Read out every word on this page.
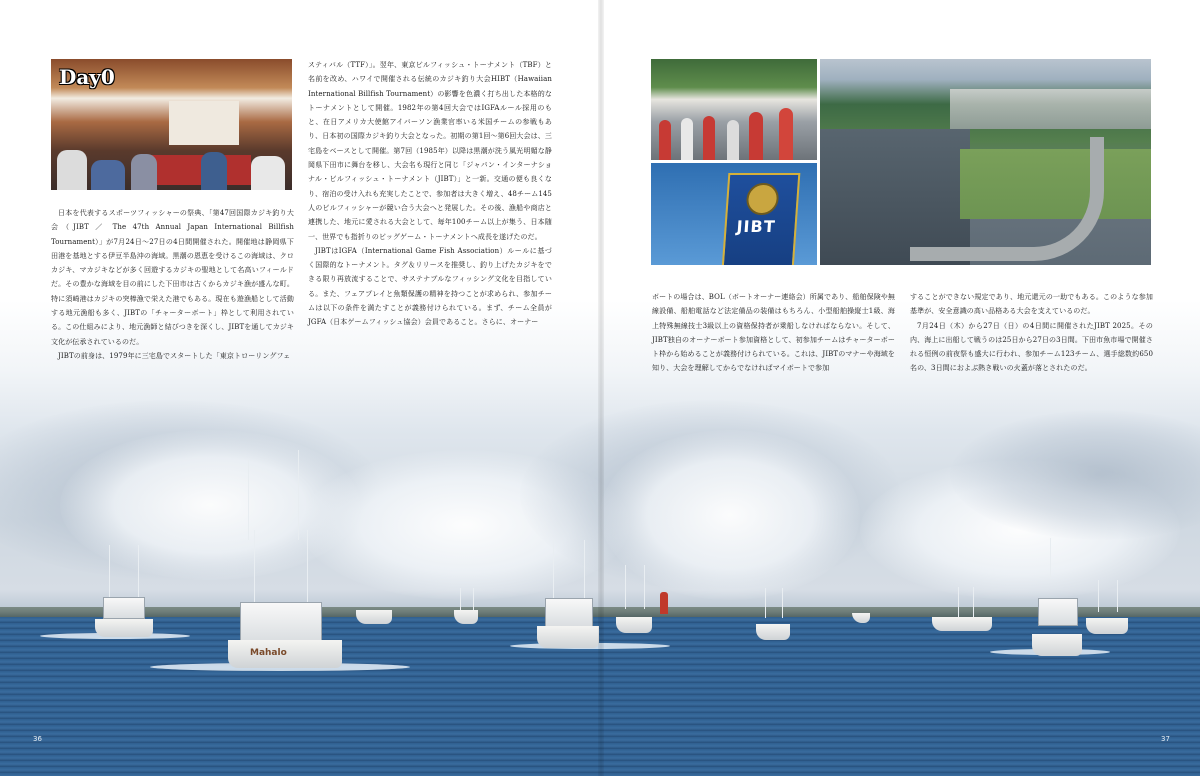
Mahalo
Day0
JIBT

日本を代表するスポーツフィッシャーの祭典、「第47回国際カジキ釣り大会（JIBT ／ The 47th Annual Japan International Billfish Tournament）」が7月24日～27日の4日間開催された。開催地は静岡県下田港を基地とする伊豆半島沖の海域。黒潮の恩恵を受けるこの海域は、クロカジキ、マカジキなどが多く回遊するカジキの聖地として名高いフィールドだ。その豊かな海域を目の前にした下田市は古くからカジキ漁が盛んな町。特に須崎港はカジキの突棒漁で栄えた港でもある。現在も遊漁船として活動する地元漁船も多く、JIBTの「チャーターボート」枠として利用されている。この仕組みにより、地元漁師と結びつきを深くし、JIBTを通してカジキ文化が伝承されているのだ。

JIBTの前身は、1979年に三宅島でスタートした「東京トローリングフェ

スティバル（TTF）」。翌年、東京ビルフィッシュ・トーナメント（TBF）と名前を改め、ハワイで開催される伝統のカジキ釣り大会HIBT（Hawaiian International Billfish Tournament）の影響を色濃く打ち出した本格的なトーナメントとして開催。1982年の第4回大会ではIGFAルール採用のもと、在日アメリカ大使館アイバーソン漁業官率いる米国チームの参戦もあり、日本初の国際カジキ釣り大会となった。初期の第1回～第6回大会は、三宅島をベースとして開催。第7回（1985年）以降は黒潮が洗う風光明媚な静岡県下田市に舞台を移し、大会名も現行と同じ「ジャパン・インターナショナル・ビルフィッシュ・トーナメント（JIBT）」と一新。交通の便も良くなり、宿泊の受け入れも充実したことで、参加者は大きく増え、48チーム145人のビルフィッシャーが競い合う大会へと発展した。その後、漁船や商店と連携した、地元に愛される大会として、毎年100チーム以上が集う、日本随一、世界でも指折りのビッグゲーム・トーナメントへ成長を遂げたのだ。

JIBTはIGFA（International Game Fish Association）ルールに基づく国際的なトーナメント。タグ＆リリースを推奨し、釣り上げたカジキをできる限り再放流することで、サステナブルなフィッシング文化を目指している。また、フェアプレイと魚類保護の精神を持つことが求められ、参加チームは以下の条件を満たすことが義務付けられている。まず、チーム全員がJGFA（日本ゲームフィッシュ協会）会員であること。さらに、オーナー

ボートの場合は、BOL（ボートオーナー連絡会）所属であり、船舶保険や無線設備、船舶電話など法定備品の装備はもちろん、小型船舶操縦士1級、海上特殊無線技士3級以上の資格保持者が乗船しなければならない。そして、JIBT独自のオーナーボート参加資格として、初参加チームはチャーターボート枠から始めることが義務付けられている。これは、JIBTのマナーや海域を知り、大会を理解してからでなければマイボートで参加

することができない規定であり、地元還元の一助でもある。このような参加基準が、安全意識の高い品格ある大会を支えているのだ。

7月24日（木）から27日（日）の4日間に開催されたJIBT 2025。その内、海上に出船して戦うのは25日から27日の3日間。下田市魚市場で開催される恒例の前夜祭も盛大に行われ、参加チーム123チーム、選手総数約650名の、3日間におよぶ熱き戦いの火蓋が落とされたのだ。

36	37
